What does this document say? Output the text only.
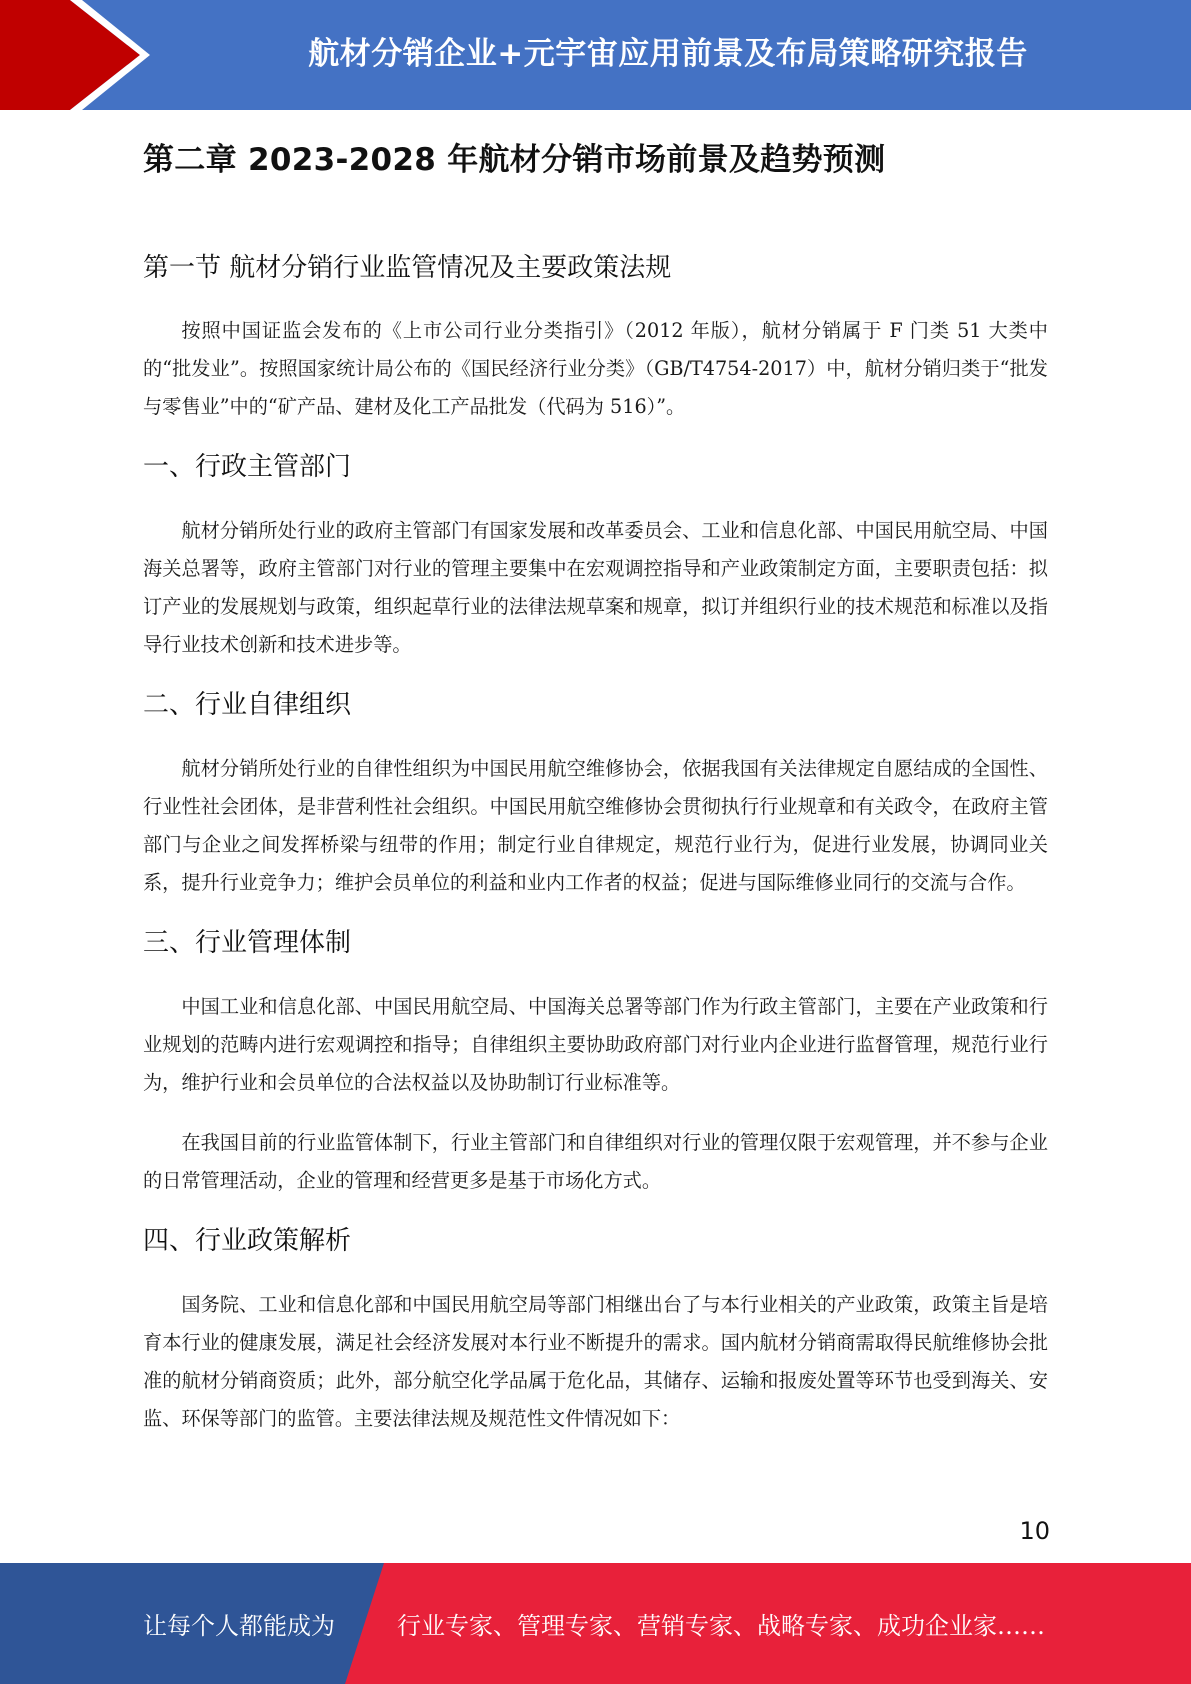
航材分销企业+元宇宙应用前景及布局策略研究报告
第二章 2023-2028 年航材分销市场前景及趋势预测
第一节 航材分销行业监管情况及主要政策法规

按照中国证监会发布的《上市公司行业分类指引》（2012 年版），航材分销属于 F 门类 51 大类中的“批发业”。按照国家统计局公布的《国民经济行业分类》（GB/T4754-2017）中，航材分销归类于“批发与零售业”中的“矿产品、建材及化工产品批发（代码为 516）”。

一、行政主管部门

航材分销所处行业的政府主管部门有国家发展和改革委员会、工业和信息化部、中国民用航空局、中国海关总署等，政府主管部门对行业的管理主要集中在宏观调控指导和产业政策制定方面，主要职责包括：拟订产业的发展规划与政策，组织起草行业的法律法规草案和规章，拟订并组织行业的技术规范和标准以及指导行业技术创新和技术进步等。

二、行业自律组织

航材分销所处行业的自律性组织为中国民用航空维修协会，依据我国有关法律规定自愿结成的全国性、行业性社会团体，是非营利性社会组织。中国民用航空维修协会贯彻执行行业规章和有关政令，在政府主管部门与企业之间发挥桥梁与纽带的作用；制定行业自律规定，规范行业行为，促进行业发展，协调同业关系，提升行业竞争力；维护会员单位的利益和业内工作者的权益；促进与国际维修业同行的交流与合作。

三、行业管理体制

中国工业和信息化部、中国民用航空局、中国海关总署等部门作为行政主管部门，主要在产业政策和行业规划的范畴内进行宏观调控和指导；自律组织主要协助政府部门对行业内企业进行监督管理，规范行业行为，维护行业和会员单位的合法权益以及协助制订行业标准等。

在我国目前的行业监管体制下，行业主管部门和自律组织对行业的管理仅限于宏观管理，并不参与企业的日常管理活动，企业的管理和经营更多是基于市场化方式。

四、行业政策解析

国务院、工业和信息化部和中国民用航空局等部门相继出台了与本行业相关的产业政策，政策主旨是培育本行业的健康发展，满足社会经济发展对本行业不断提升的需求。国内航材分销商需取得民航维修协会批准的航材分销商资质；此外，部分航空化学品属于危化品，其储存、运输和报废处置等环节也受到海关、安监、环保等部门的监管。主要法律法规及规范性文件情况如下：

10
让每个人都能成为	行业专家、管理专家、营销专家、战略专家、成功企业家……
